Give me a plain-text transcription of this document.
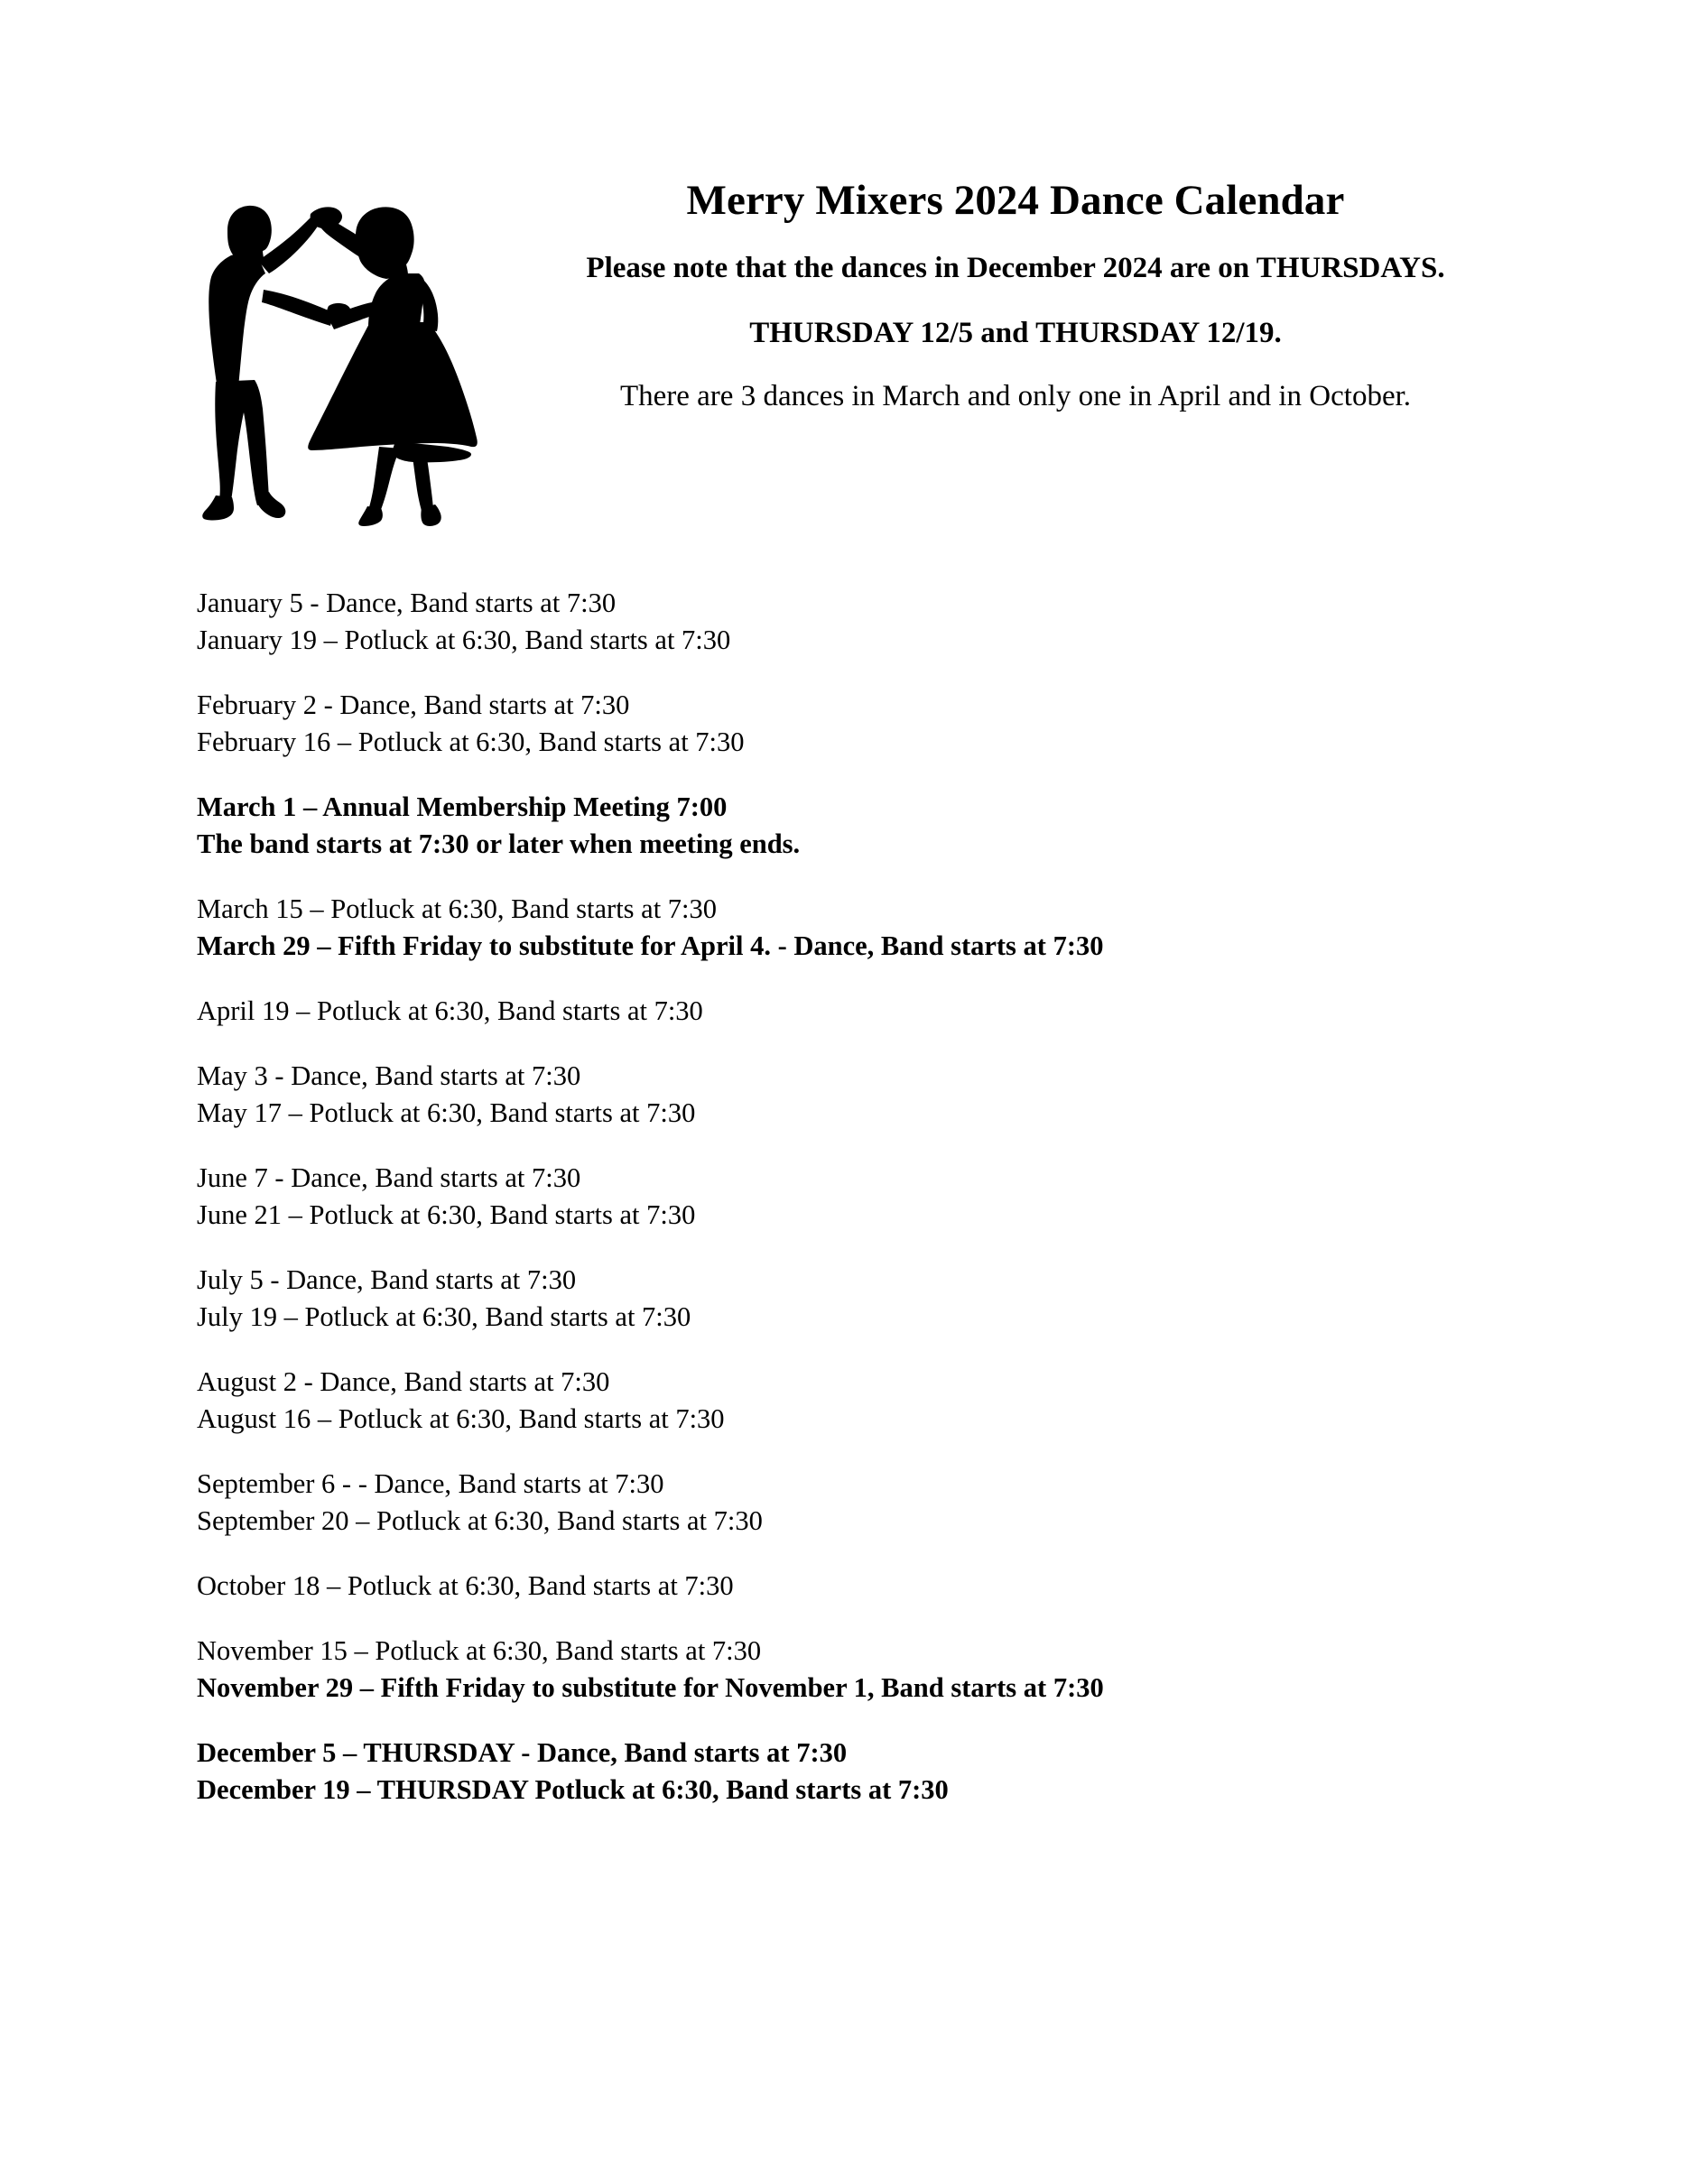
Merry Mixers 2024 Dance Calendar

Please note that the dances in December 2024 are on THURSDAYS.

THURSDAY 12/5 and THURSDAY 12/19.

There are 3 dances in March and only one in April and in October.

January 5 - Dance, Band starts at 7:30
January 19 – Potluck at 6:30, Band starts at 7:30
February 2 - Dance, Band starts at 7:30
February 16 – Potluck at 6:30, Band starts at 7:30
March 1 – Annual Membership Meeting 7:00
The band starts at 7:30 or later when meeting ends.
March 15 – Potluck at 6:30, Band starts at 7:30
March 29 – Fifth Friday to substitute for April 4. - Dance, Band starts at 7:30
April 19 – Potluck at 6:30, Band starts at 7:30
May 3 - Dance, Band starts at 7:30
May 17 – Potluck at 6:30, Band starts at 7:30
June 7 - Dance, Band starts at 7:30
June 21 – Potluck at 6:30, Band starts at 7:30
July 5 - Dance, Band starts at 7:30
July 19 – Potluck at 6:30, Band starts at 7:30
August 2 - Dance, Band starts at 7:30
August 16 – Potluck at 6:30, Band starts at 7:30
September 6 - - Dance, Band starts at 7:30
September 20 – Potluck at 6:30, Band starts at 7:30
October 18 – Potluck at 6:30, Band starts at 7:30
November 15 – Potluck at 6:30, Band starts at 7:30
November 29 – Fifth Friday to substitute for November 1, Band starts at 7:30
December 5 – THURSDAY - Dance, Band starts at 7:30
December 19 – THURSDAY Potluck at 6:30, Band starts at 7:30
